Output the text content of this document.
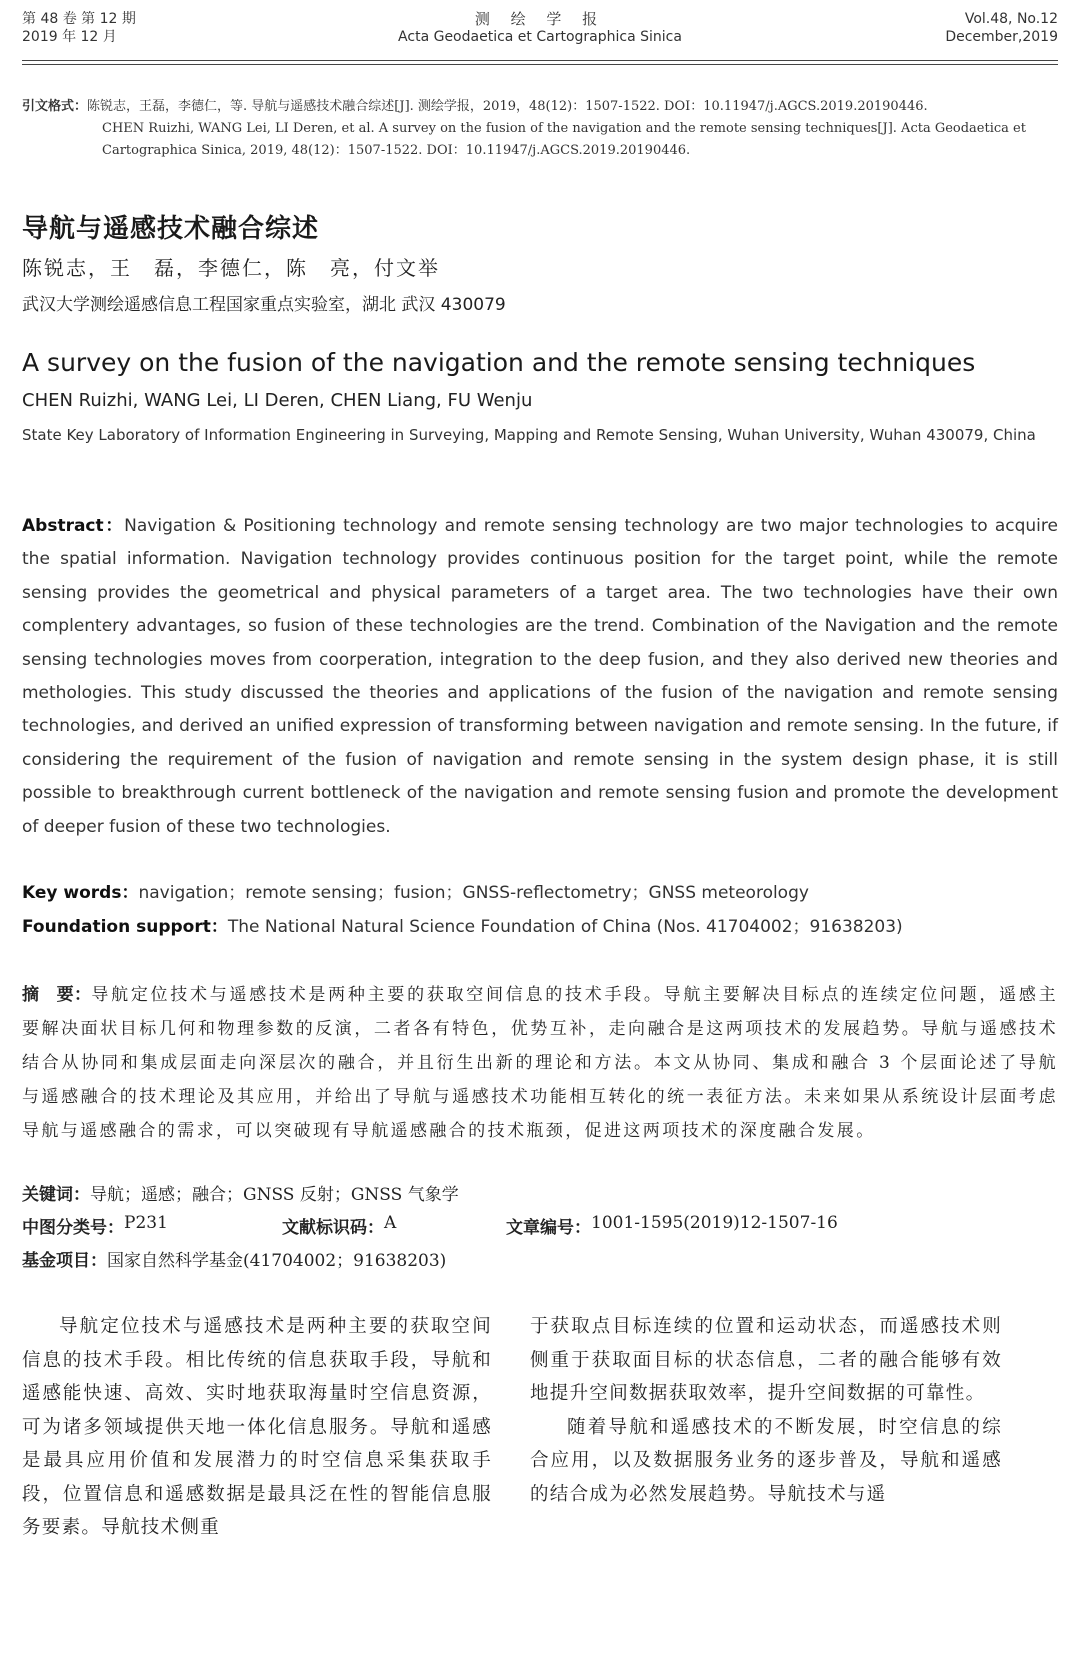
第 48 卷 第 12 期
2019 年 12 月
测 绘 学 报
Acta Geodaetica et Cartographica Sinica
Vol.48, No.12
December,2019
引文格式：陈锐志，王磊，李德仁，等. 导航与遥感技术融合综述[J]. 测绘学报，2019，48(12)：1507-1522. DOI：10.11947/j.AGCS.2019.20190446.
CHEN Ruizhi, WANG Lei, LI Deren, et al. A survey on the fusion of the navigation and the remote sensing techniques[J]. Acta Geodaetica et Cartographica Sinica, 2019, 48(12)：1507-1522. DOI：10.11947/j.AGCS.2019.20190446.
导航与遥感技术融合综述
陈锐志，王　磊，李德仁，陈　亮，付文举
武汉大学测绘遥感信息工程国家重点实验室，湖北 武汉 430079
A survey on the fusion of the navigation and the remote sensing techniques
CHEN Ruizhi, WANG Lei, LI Deren, CHEN Liang, FU Wenju
State Key Laboratory of Information Engineering in Surveying, Mapping and Remote Sensing, Wuhan University, Wuhan 430079, China
Abstract：Navigation & Positioning technology and remote sensing technology are two major technologies to acquire the spatial information. Navigation technology provides continuous position for the target point, while the remote sensing provides the geometrical and physical parameters of a target area. The two technologies have their own complentery advantages, so fusion of these technologies are the trend. Combination of the Navigation and the remote sensing technologies moves from coorperation, integration to the deep fusion, and they also derived new theories and methologies. This study discussed the theories and applications of the fusion of the navigation and remote sensing technologies, and derived an unified expression of transforming between navigation and remote sensing. In the future, if considering the requirement of the fusion of navigation and remote sensing in the system design phase, it is still possible to breakthrough current bottleneck of the navigation and remote sensing fusion and promote the development of deeper fusion of these two technologies.
Key words：navigation；remote sensing；fusion；GNSS-reflectometry；GNSS meteorology
Foundation support：The National Natural Science Foundation of China (Nos. 41704002；91638203)
摘　要：导航定位技术与遥感技术是两种主要的获取空间信息的技术手段。导航主要解决目标点的连续定位问题，遥感主要解决面状目标几何和物理参数的反演，二者各有特色，优势互补，走向融合是这两项技术的发展趋势。导航与遥感技术结合从协同和集成层面走向深层次的融合，并且衍生出新的理论和方法。本文从协同、集成和融合 3 个层面论述了导航与遥感融合的技术理论及其应用，并给出了导航与遥感技术功能相互转化的统一表征方法。未来如果从系统设计层面考虑导航与遥感融合的需求，可以突破现有导航遥感融合的技术瓶颈，促进这两项技术的深度融合发展。
关键词：导航；遥感；融合；GNSS 反射；GNSS 气象学
中图分类号： P231	文献标识码： A	文章编号： 1001-1595(2019)12-1507-16
基金项目：国家自然科学基金(41704002；91638203)

导航定位技术与遥感技术是两种主要的获取空间信息的技术手段。相比传统的信息获取手段，导航和遥感能快速、高效、实时地获取海量时空信息资源，可为诸多领域提供天地一体化信息服务。导航和遥感是最具应用价值和发展潜力的时空信息采集获取手段，位置信息和遥感数据是最具泛在性的智能信息服务要素。导航技术侧重

于获取点目标连续的位置和运动状态，而遥感技术则侧重于获取面目标的状态信息，二者的融合能够有效地提升空间数据获取效率，提升空间数据的可靠性。

随着导航和遥感技术的不断发展，时空信息的综合应用，以及数据服务业务的逐步普及，导航和遥感的结合成为必然发展趋势。导航技术与遥
